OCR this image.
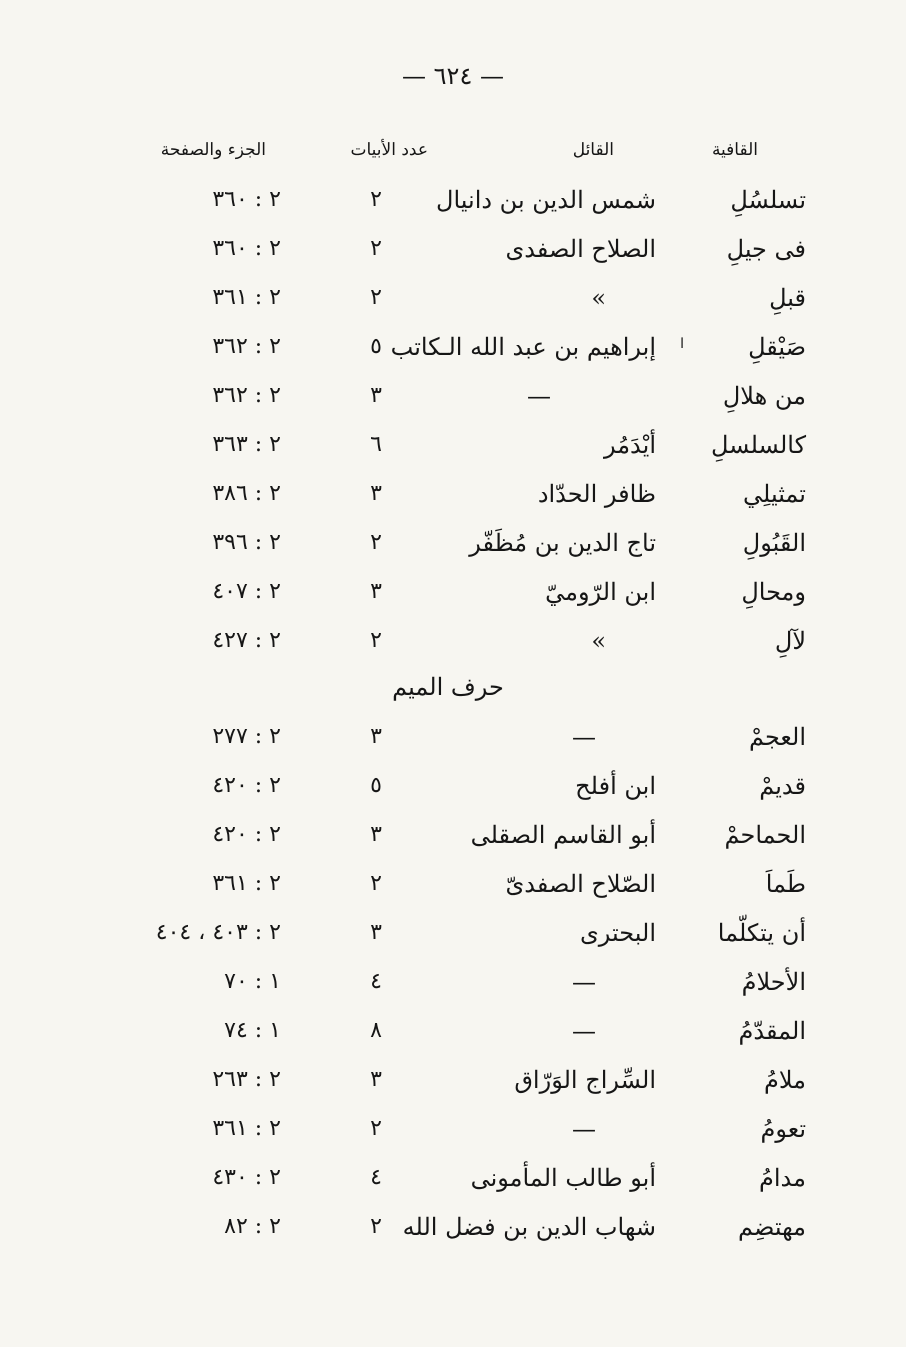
— ٦٢٤ —
القافية
القائل
عدد الأبيات
الجزء والصفحة
تسلسُلِ
شمس الدين بن دانيال
٢
٢ : ٣٦٠
فى جيلِ
الصلاح الصفدى
٢
٢ : ٣٦٠
قبلِ
»
٢
٢ : ٣٦١
صَيْقلِ
إبراهيم بن عبد الله الـكاتب
٥
٢ : ٣٦٢
من هلالِ
—
٣
٢ : ٣٦٢
كالسلسلِ
أيْدَمُر
٦
٢ : ٣٦٣
تمثيلِي
ظافر الحدّاد
٣
٢ : ٣٨٦
القَبُولِ
تاج الدين بن مُظَفّر
٢
٢ : ٣٩٦
ومحالِ
ابن الرّوميّ
٣
٢ : ٤٠٧
لآلِ
»
٢
٢ : ٤٢٧
حرف الميم
العجمْ
—
٣
٢ : ٢٧٧
قديمْ
ابن أفلح
٥
٢ : ٤٢٠
الحماحمْ
أبو القاسم الصقلى
٣
٢ : ٤٢٠
طَماَ
الصّلاح الصفدىّ
٢
٢ : ٣٦١
أن يتكلّما
البحترى
٣
٢ : ٤٠٣ ، ٤٠٤
الأحلامُ
—
٤
١ : ٧٠
المقدّمُ
—
٨
١ : ٧٤
ملامُ
السِّراج الوَرّاق
٣
٢ : ٢٦٣
تعومُ
—
٢
٢ : ٣٦١
مدامُ
أبو طالب المأمونى
٤
٢ : ٤٣٠
مهتضِم
شهاب الدين بن فضل الله
٢
٢ : ٨٢
ا
